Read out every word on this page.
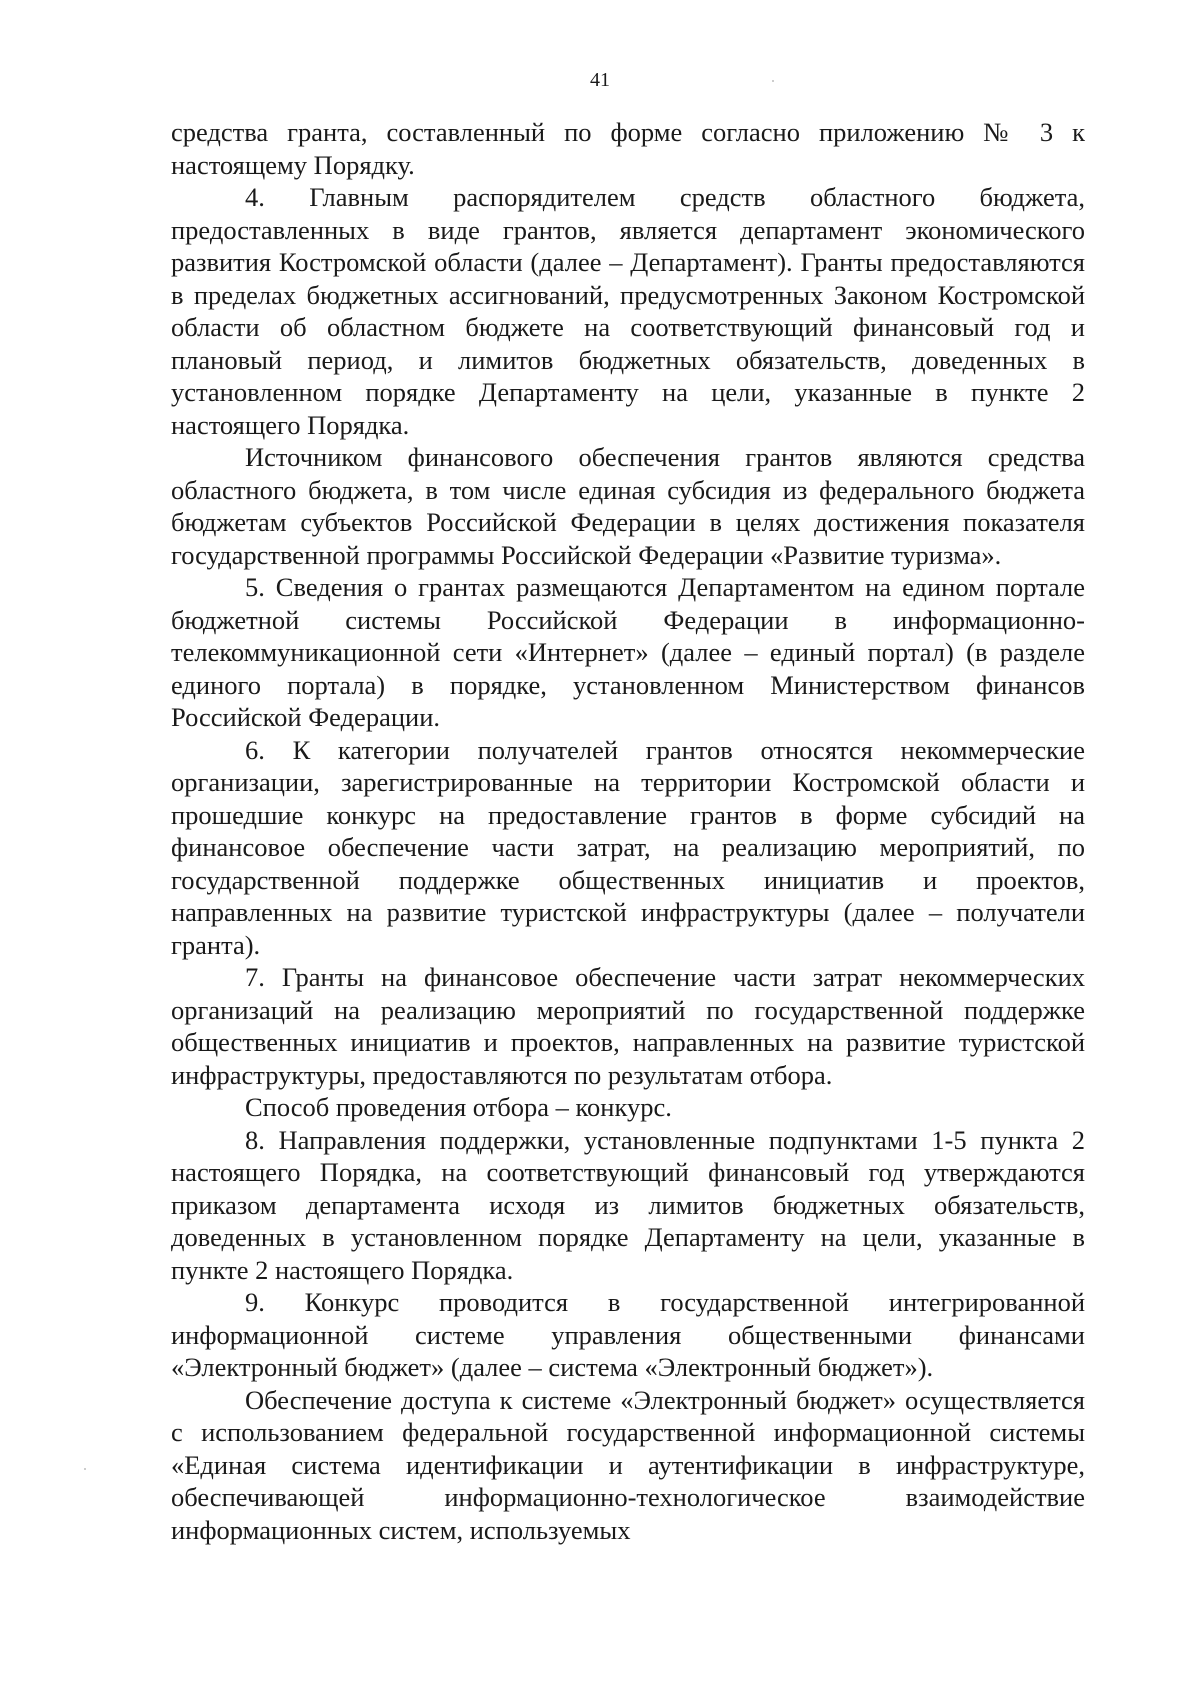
41

средства гранта, составленный по форме согласно приложению № 3 к настоящему Порядку.

4. Главным распорядителем средств областного бюджета, предоставленных в виде грантов, является департамент экономического развития Костромской области (далее – Департамент). Гранты предоставляются в пределах бюджетных ассигнований, предусмотренных Законом Костромской области об областном бюджете на соответствующий финансовый год и плановый период, и лимитов бюджетных обязательств, доведенных в установленном порядке Департаменту на цели, указанные в пункте 2 настоящего Порядка.

Источником финансового обеспечения грантов являются средства областного бюджета, в том числе единая субсидия из федерального бюджета бюджетам субъектов Российской Федерации в целях достижения показателя государственной программы Российской Федерации «Развитие туризма».

5. Сведения о грантах размещаются Департаментом на едином портале бюджетной системы Российской Федерации в информационно-телекоммуникационной сети «Интернет» (далее – единый портал) (в разделе единого портала) в порядке, установленном Министерством финансов Российской Федерации.

6. К категории получателей грантов относятся некоммерческие организации, зарегистрированные на территории Костромской области и прошедшие конкурс на предоставление грантов в форме субсидий на финансовое обеспечение части затрат, на реализацию мероприятий, по государственной поддержке общественных инициатив и проектов, направленных на развитие туристской инфраструктуры (далее – получатели гранта).

7. Гранты на финансовое обеспечение части затрат некоммерческих организаций на реализацию мероприятий по государственной поддержке общественных инициатив и проектов, направленных на развитие туристской инфраструктуры, предоставляются по результатам отбора.

Способ проведения отбора – конкурс.

8. Направления поддержки, установленные подпунктами 1-5 пункта 2 настоящего Порядка, на соответствующий финансовый год утверждаются приказом департамента исходя из лимитов бюджетных обязательств, доведенных в установленном порядке Департаменту на цели, указанные в пункте 2 настоящего Порядка.

9. Конкурс проводится в государственной интегрированной информационной системе управления общественными финансами «Электронный бюджет» (далее – система «Электронный бюджет»).

Обеспечение доступа к системе «Электронный бюджет» осуществляется с использованием федеральной государственной информационной системы «Единая система идентификации и аутентификации в инфраструктуре, обеспечивающей информационно-технологическое взаимодействие информационных систем, используемых
